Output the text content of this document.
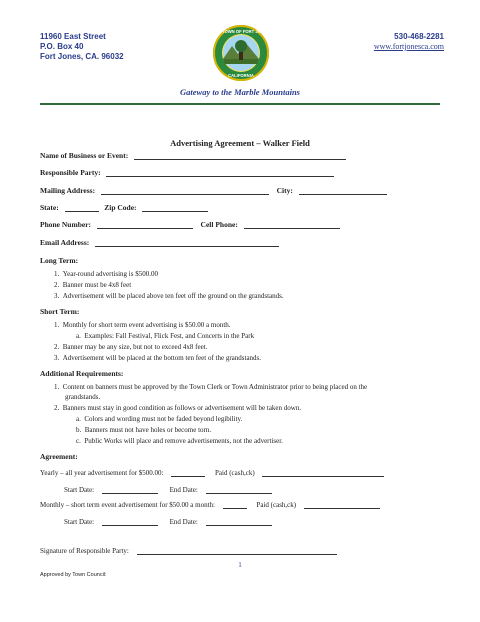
11960 East Street
P.O. Box 40
Fort Jones, CA. 96032
THE TOWN OF FORT JONES
CALIFORNIA
530-468-2281
www.fortjonesca.com
Gateway to the Marble Mountains
Advertising Agreement – Walker Field
Name of Business or Event:
Responsible Party:
Mailing Address:	City:
State:	Zip Code:
Phone Number:	Cell Phone:
Email Address:
Long Term:
1.  Year-round advertising is $500.00
2.  Banner must be 4x8 feet
3.  Advertisement will be placed above ten feet off the ground on the grandstands.
Short Term:
1.  Monthly for short term event advertising is $50.00 a month.
a.  Examples: Fall Festival, Flick Fest, and Concerts in the Park
2.  Banner may be any size, but not to exceed 4x8 feet.
3.  Advertisement will be placed at the bottom ten feet of the grandstands.
Additional Requirements:
1.  Content on banners must be approved by the Town Clerk or Town Administrator prior to being placed on the
grandstands.
2.  Banners must stay in good condition as follows or advertisement will be taken down.
a.  Colors and wording must not be faded beyond legibility.
b.  Banners must not have holes or become torn.
c.  Public Works will place and remove advertisements, not the advertiser.
Agreement:
Yearly – all year advertisement for $500.00:	Paid (cash,ck)
Start Date:	End Date:
Monthly – short term event advertisement for $50.00 a month:	Paid (cash,ck)
Start Date:	End Date:
Signature of Responsible Party:
1
Approved by Town Council:
